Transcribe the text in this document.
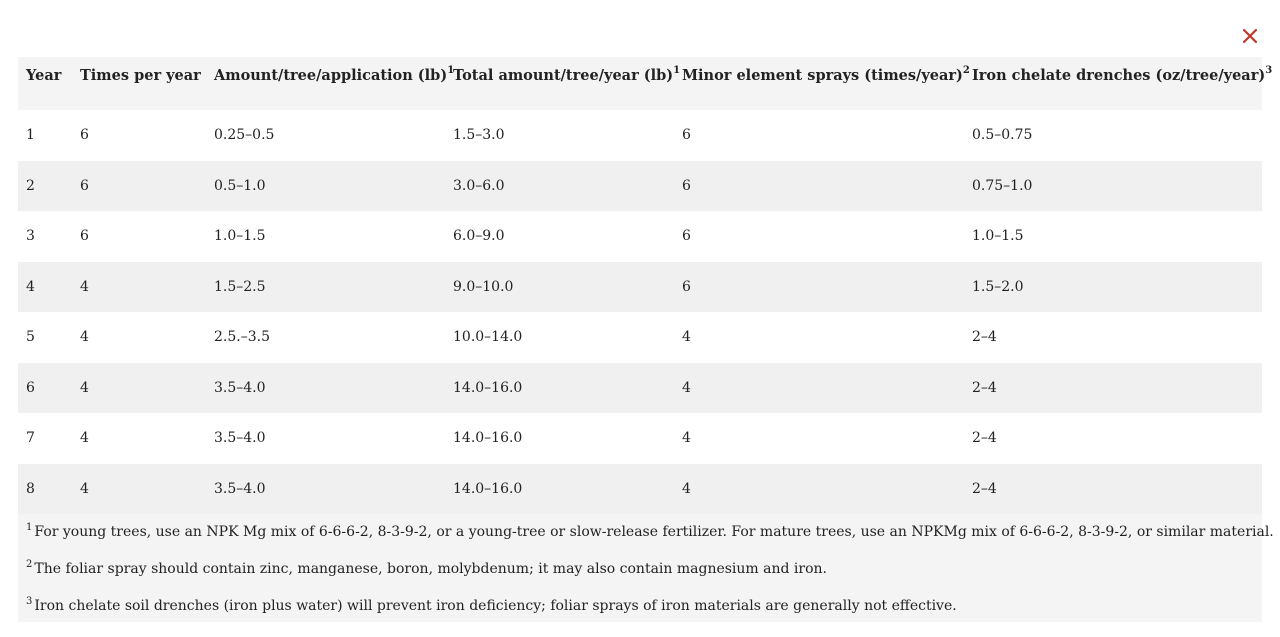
Year	Times per year	Amount/tree/application (lb)$^1$	Total amount/tree/year (lb)$^1$	Minor element sprays (times/year)$^2$	Iron chelate drenches (oz/tree/year)$^3$
1	6	0.25–0.5	1.5–3.0	6	0.5–0.75
2	6	0.5–1.0	3.0–6.0	6	0.75–1.0
3	6	1.0–1.5	6.0–9.0	6	1.0–1.5
4	4	1.5–2.5	9.0–10.0	6	1.5–2.0
5	4	2.5.–3.5	10.0–14.0	4	2–4
6	4	3.5–4.0	14.0–16.0	4	2–4
7	4	3.5–4.0	14.0–16.0	4	2–4
8	4	3.5–4.0	14.0–16.0	4	2–4

$^1$ For young trees, use an NPK Mg mix of 6-6-6-2, 8-3-9-2, or a young-tree or slow-release fertilizer. For mature trees, use an NPKMg mix of 6-6-6-2, 8-3-9-2, or similar material.

$^2$ The foliar spray should contain zinc, manganese, boron, molybdenum; it may also contain magnesium and iron.

$^3$ Iron chelate soil drenches (iron plus water) will prevent iron deficiency; foliar sprays of iron materials are generally not effective.
